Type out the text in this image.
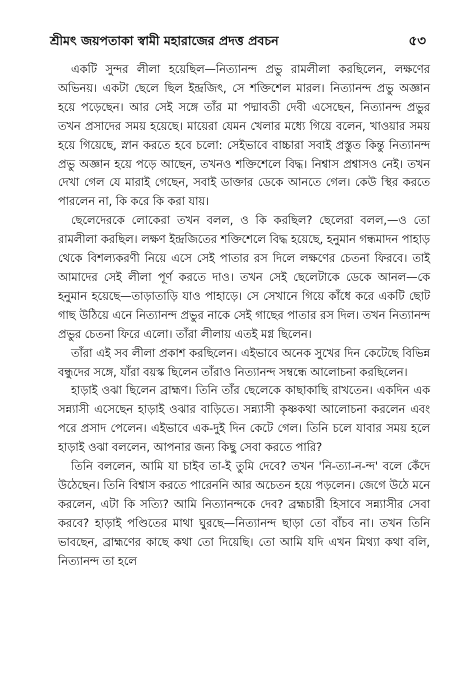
শ্রীমৎ জয়পতাকা স্বামী মহারাজের প্রদত্ত প্রবচন	৫৩

একটি সুন্দর লীলা হয়েছিল—নিত্যানন্দ প্রভু রামলীলা করছিলেন, লক্ষণের অভিনয়। একটা ছেলে ছিল ইন্দ্রজিৎ, সে শক্তিশেল মারল। নিত্যানন্দ প্রভু অজ্ঞান হয়ে পড়েছেন। আর সেই সঙ্গে তাঁর মা পদ্মাবতী দেবী এসেছেন, নিত্যানন্দ প্রভুর তখন প্রসাদের সময় হয়েছে। মায়েরা যেমন খেলার মধ্যে গিয়ে বলেন, খাওয়ার সময় হয়ে গিয়েছে, স্নান করতে হবে চলো: সেইভাবে বাচ্চারা সবাই প্রস্তুত কিন্তু নিত্যানন্দ প্রভু অজ্ঞান হয়ে পড়ে আছেন, তখনও শক্তিশেলে বিদ্ধ। নিশ্বাস প্রশ্বাসও নেই। তখন দেখা গেল যে মারাই গেছেন, সবাই ডাক্তার ডেকে আনতে গেল। কেউ স্থির করতে পারলেন না, কি করে কি করা যায়।

ছেলেদেরকে লোকেরা তখন বলল, ও কি করছিল? ছেলেরা বলল,—ও তো রামলীলা করছিল। লক্ষণ ইন্দ্রজিতের শক্তিশেলে বিদ্ধ হয়েছে, হনুমান গন্ধমাদন পাহাড় থেকে বিশল্যকরণী নিয়ে এসে সেই পাতার রস দিলে লক্ষণের চেতনা ফিরবে। তাই আমাদের সেই লীলা পূর্ণ করতে দাও। তখন সেই ছেলেটাকে ডেকে আনল—কে হনুমান হয়েছে—তাড়াতাড়ি যাও পাহাড়ে। সে সেখানে গিয়ে কাঁধে করে একটি ছোট গাছ উঠিয়ে এনে নিত্যানন্দ প্রভুর নাকে সেই গাছের পাতার রস দিল। তখন নিত্যানন্দ প্রভুর চেতনা ফিরে এলো। তাঁরা লীলায় এতই মগ্ন ছিলেন।

তাঁরা এই সব লীলা প্রকাশ করছিলেন। এইভাবে অনেক সুখের দিন কেটেছে বিভিন্ন বন্ধুদের সঙ্গে, যাঁরা বয়স্ক ছিলেন তাঁরাও নিত্যানন্দ সম্বন্ধে আলোচনা করছিলেন।

হাড়াই ওঝা ছিলেন ব্রাহ্মণ। তিনি তাঁর ছেলেকে কাছাকাছি রাখতেন। একদিন এক সন্ন্যাসী এসেছেন হাড়াই ওঝার বাড়িতে। সন্ন্যাসী কৃষ্ণকথা আলোচনা করলেন এবং পরে প্রসাদ পেলেন। এইভাবে এক-দুই দিন কেটে গেল। তিনি চলে যাবার সময় হলে হাড়াই ওঝা বললেন, আপনার জন্য কিছু সেবা করতে পারি?

তিনি বললেন, আমি যা চাইব তা-ই তুমি দেবে? তখন 'নি-ত্যা-ন-ন্দ' বলে কেঁদে উঠেছেন। তিনি বিশ্বাস করতে পারেননি আর অচেতন হয়ে পড়লেন। জেগে উঠে মনে করলেন, এটা কি সত্যি? আমি নিত্যানন্দকে দেব? ব্রহ্মচারী হিসাবে সন্ন্যাসীর সেবা করবে? হাড়াই পণ্ডিতের মাথা ঘুরছে—নিত্যানন্দ ছাড়া তো বাঁচব না। তখন তিনি ভাবছেন, ব্রাহ্মণের কাছে কথা তো দিয়েছি। তো আমি যদি এখন মিথ্যা কথা বলি, নিত্যানন্দ তা হলে
